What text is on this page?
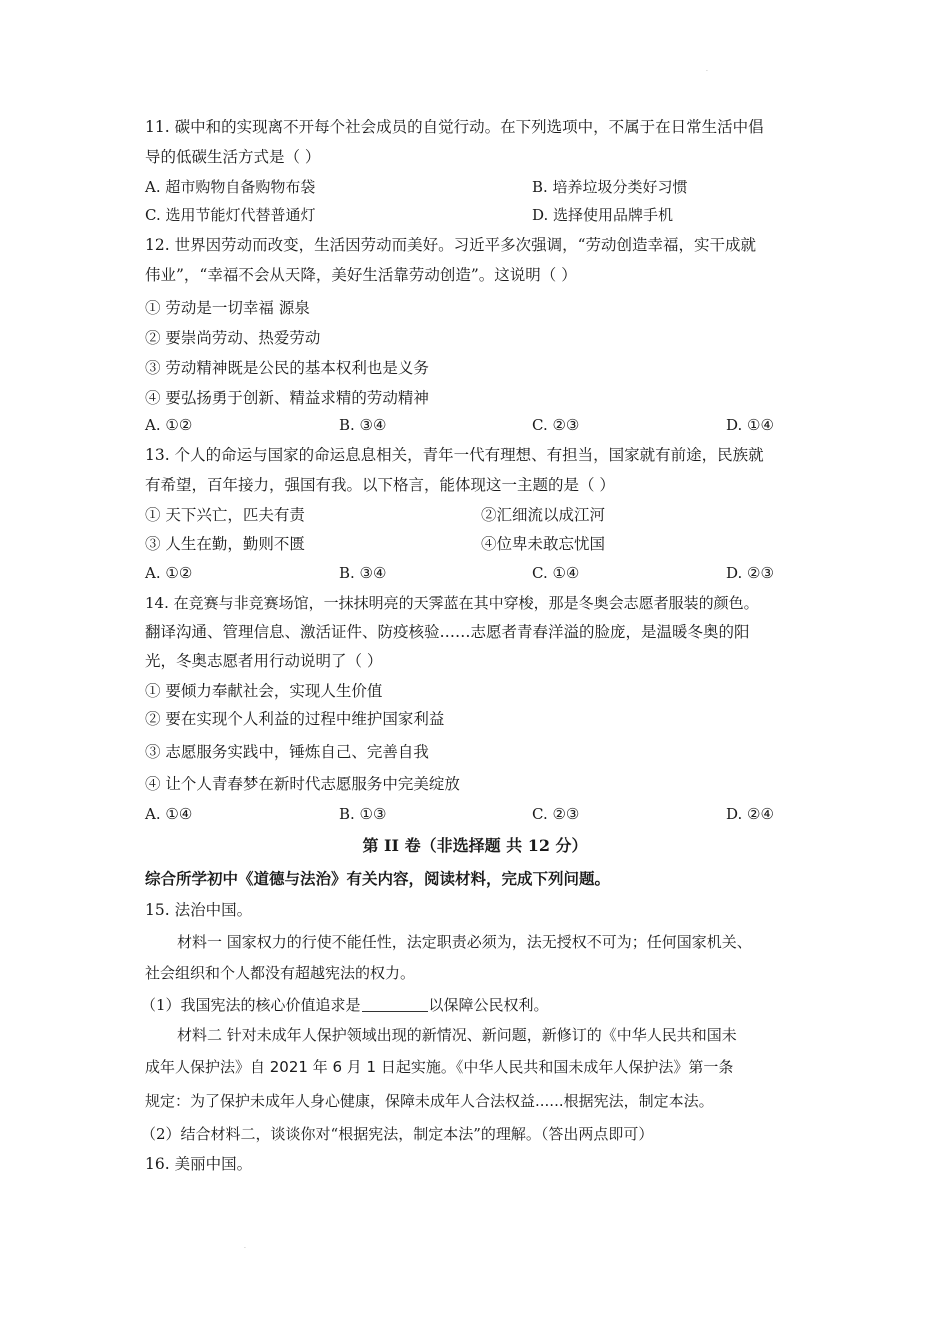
·
11. 碳中和的实现离不开每个社会成员的自觉行动。在下列选项中，不属于在日常生活中倡
导的低碳生活方式是（ ）
A. 超市购物自备购物布袋	B. 培养垃圾分类好习惯
C. 选用节能灯代替普通灯	D. 选择使用品牌手机
12. 世界因劳动而改变，生活因劳动而美好。习近平多次强调，“劳动创造幸福，实干成就
伟业”，“幸福不会从天降，美好生活靠劳动创造”。这说明（ ）
① 劳动是一切幸福 源泉
② 要崇尚劳动、热爱劳动
③ 劳动精神既是公民的基本权利也是义务
④ 要弘扬勇于创新、精益求精的劳动精神
A. ①②	B. ③④	C. ②③	D. ①④
13. 个人的命运与国家的命运息息相关，青年一代有理想、有担当，国家就有前途，民族就
有希望，百年接力，强国有我。以下格言，能体现这一主题的是（ ）
① 天下兴亡，匹夫有责	②汇细流以成江河
③ 人生在勤，勤则不匮	④位卑未敢忘忧国
A. ①②	B. ③④	C. ①④	D. ②③
14. 在竞赛与非竞赛场馆，一抹抹明亮的天霁蓝在其中穿梭，那是冬奥会志愿者服装的颜色。
翻译沟通、管理信息、激活证件、防疫核验……志愿者青春洋溢的脸庞，是温暖冬奥的阳
光，冬奥志愿者用行动说明了（ ）
① 要倾力奉献社会，实现人生价值
② 要在实现个人利益的过程中维护国家利益
③ 志愿服务实践中，锤炼自己、完善自我
④ 让个人青春梦在新时代志愿服务中完美绽放
A. ①④	B. ①③	C. ②③	D. ②④
第 II 卷（非选择题 共 12 分）
综合所学初中《道德与法治》有关内容，阅读材料，完成下列问题。
15. 法治中国。
材料一 国家权力的行使不能任性，法定职责必须为，法无授权不可为；任何国家机关、
社会组织和个人都没有超越宪法的权力。
（1）我国宪法的核心价值追求是	以保障公民权利。
材料二 针对未成年人保护领域出现的新情况、新问题，新修订的《中华人民共和国未
成年人保护法》自 2021 年 6 月 1 日起实施。《中华人民共和国未成年人保护法》第一条
规定：为了保护未成年人身心健康，保障未成年人合法权益......根据宪法，制定本法。
（2）结合材料二，谈谈你对“根据宪法，制定本法”的理解。（答出两点即可）
16. 美丽中国。
·
